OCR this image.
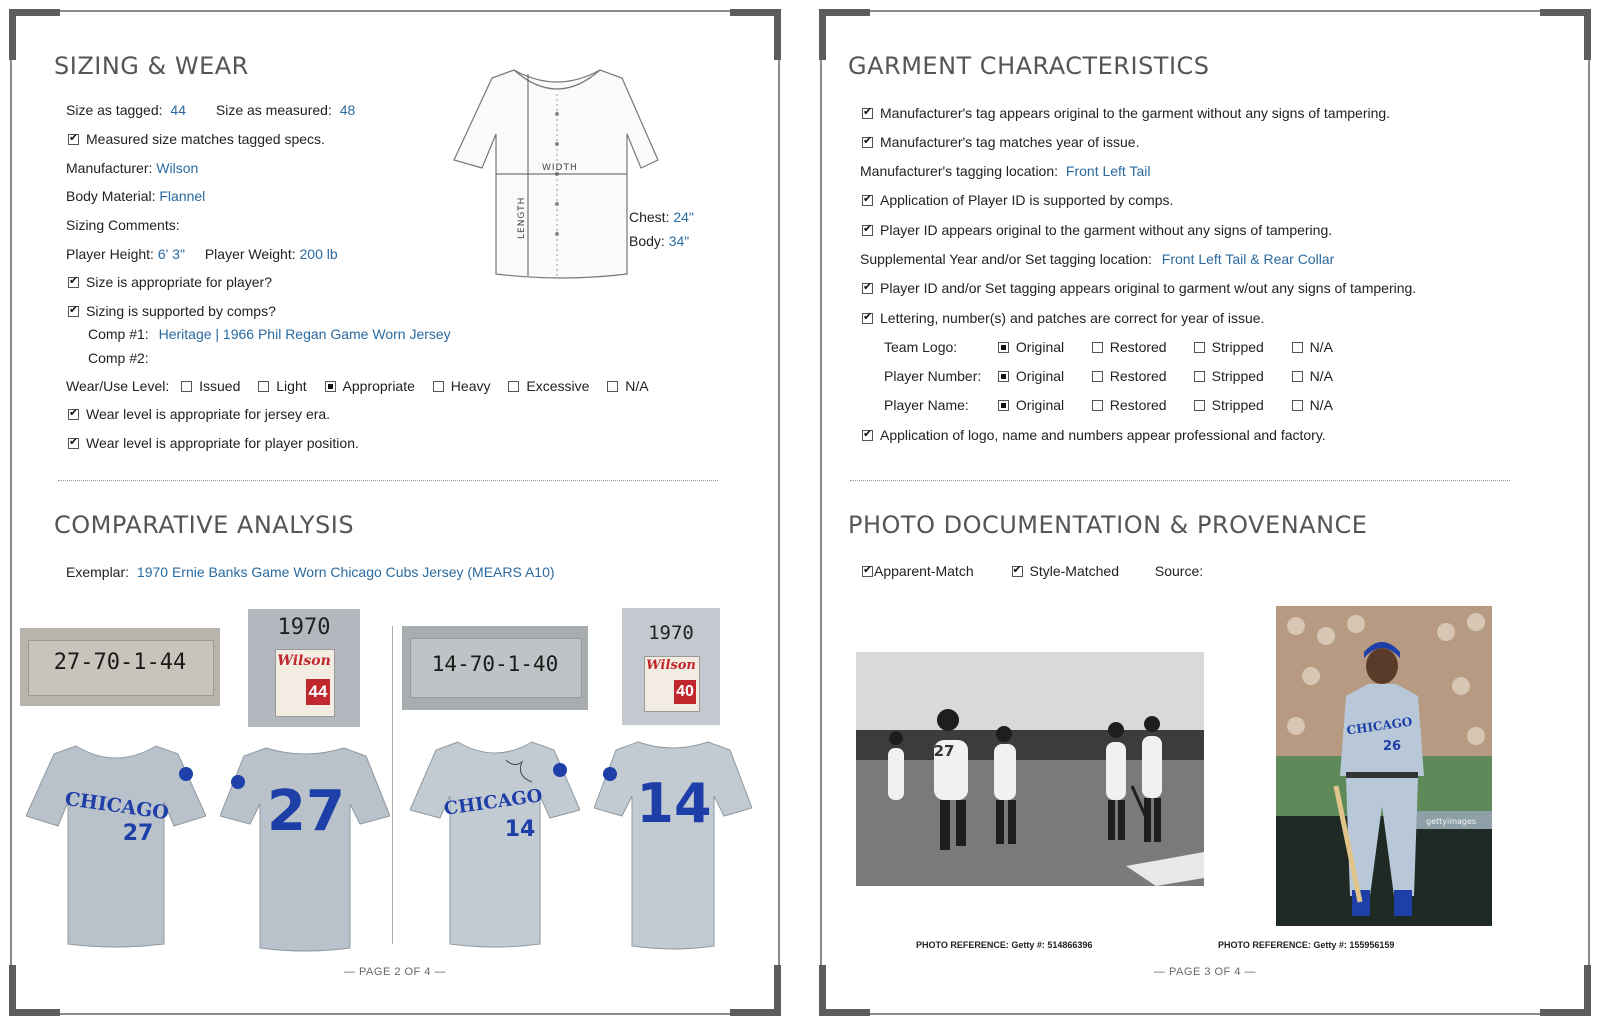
SIZING & WEAR
Size as tagged: 44 Size as measured: 48
✔Measured size matches tagged specs.
Manufacturer: Wilson
Body Material: Flannel
Sizing Comments:
Player Height: 6' 3" Player Weight: 200 lb
✔Size is appropriate for player?
✔Sizing is supported by comps?
Comp #1: Heritage | 1966 Phil Regan Game Worn Jersey
Comp #2:
Wear/Use Level: Issued	Light	Appropriate	Heavy	Excessive	N/A
✔Wear level is appropriate for jersey era.
✔Wear level is appropriate for player position.
WIDTH
LENGTH	Chest: 24"
Body: 34"
COMPARATIVE ANALYSIS
Exemplar: 1970 Ernie Banks Game Worn Chicago Cubs Jersey (MEARS A10)
27-70-1-44
1970
Wilson
44
CHICAGO
27 27
14-70-1-40
1970
Wilson
40
CHICAGO
14 14
— PAGE 2 OF 4 —
GARMENT CHARACTERISTICS
✔Manufacturer's tag appears original to the garment without any signs of tampering.
✔Manufacturer's tag matches year of issue.
Manufacturer's tagging location: Front Left Tail
✔Application of Player ID is supported by comps.
✔Player ID appears original to the garment without any signs of tampering.
Supplemental Year and/or Set tagging location: Front Left Tail & Rear Collar
✔Player ID and/or Set tagging appears original to garment w/out any signs of tampering.
✔Lettering, number(s) and patches are correct for year of issue.
Team Logo:	Original	Restored	Stripped	N/A
Player Number: Original	Restored	Stripped	N/A
Player Name:	Original	Restored	Stripped	N/A
✔Application of logo, name and numbers appear professional and factory.
PHOTO DOCUMENTATION & PROVENANCE
✔Apparent-Match ✔	Style-Matched	Source:
27
gettyimages
CHICAGO
26
PHOTO REFERENCE: Getty #: 514866396	PHOTO REFERENCE: Getty #: 155956159
— PAGE 3 OF 4 —
